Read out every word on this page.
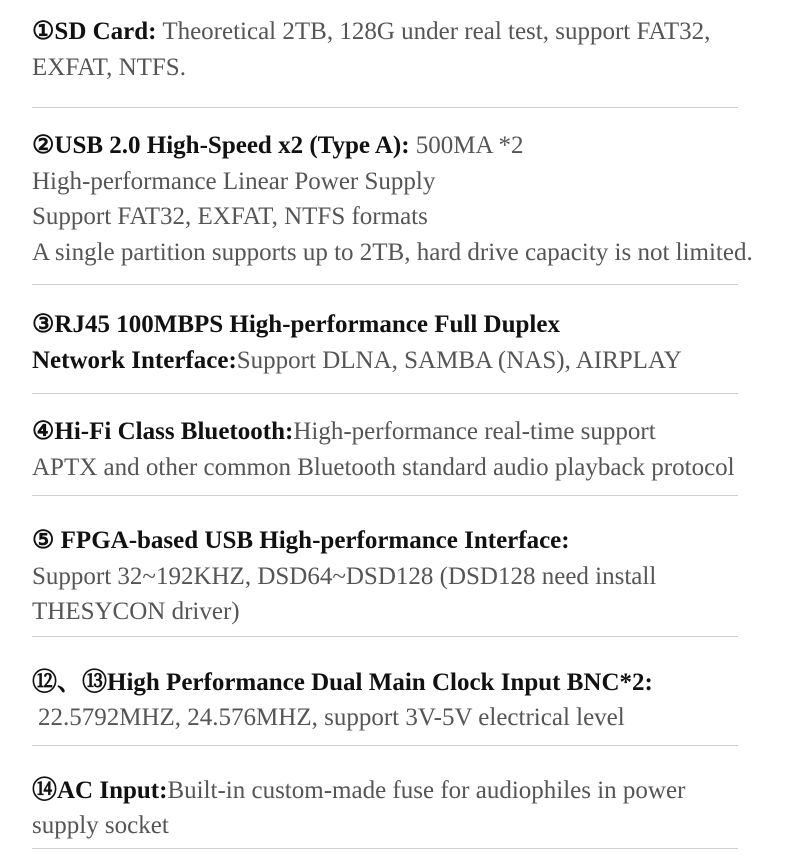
①SD Card: Theoretical 2TB, 128G under real test, support FAT32,
EXFAT, NTFS.
②USB 2.0 High-Speed x2 (Type A): 500MA *2
High-performance Linear Power Supply
Support FAT32, EXFAT, NTFS formats
A single partition supports up to 2TB, hard drive capacity is not limited.
③RJ45 100MBPS High-performance Full Duplex
Network Interface:Support DLNA, SAMBA (NAS), AIRPLAY
④Hi-Fi Class Bluetooth:High-performance real-time support
APTX and other common Bluetooth standard audio playback protocol
⑤ FPGA-based USB High-performance Interface:
Support 32~192KHZ, DSD64~DSD128 (DSD128 need install
THESYCON driver)
⑫、⑬High Performance Dual Main Clock Input BNC*2:
22.5792MHZ, 24.576MHZ, support 3V-5V electrical level
⑭AC Input:Built-in custom-made fuse for audiophiles in power
supply socket
